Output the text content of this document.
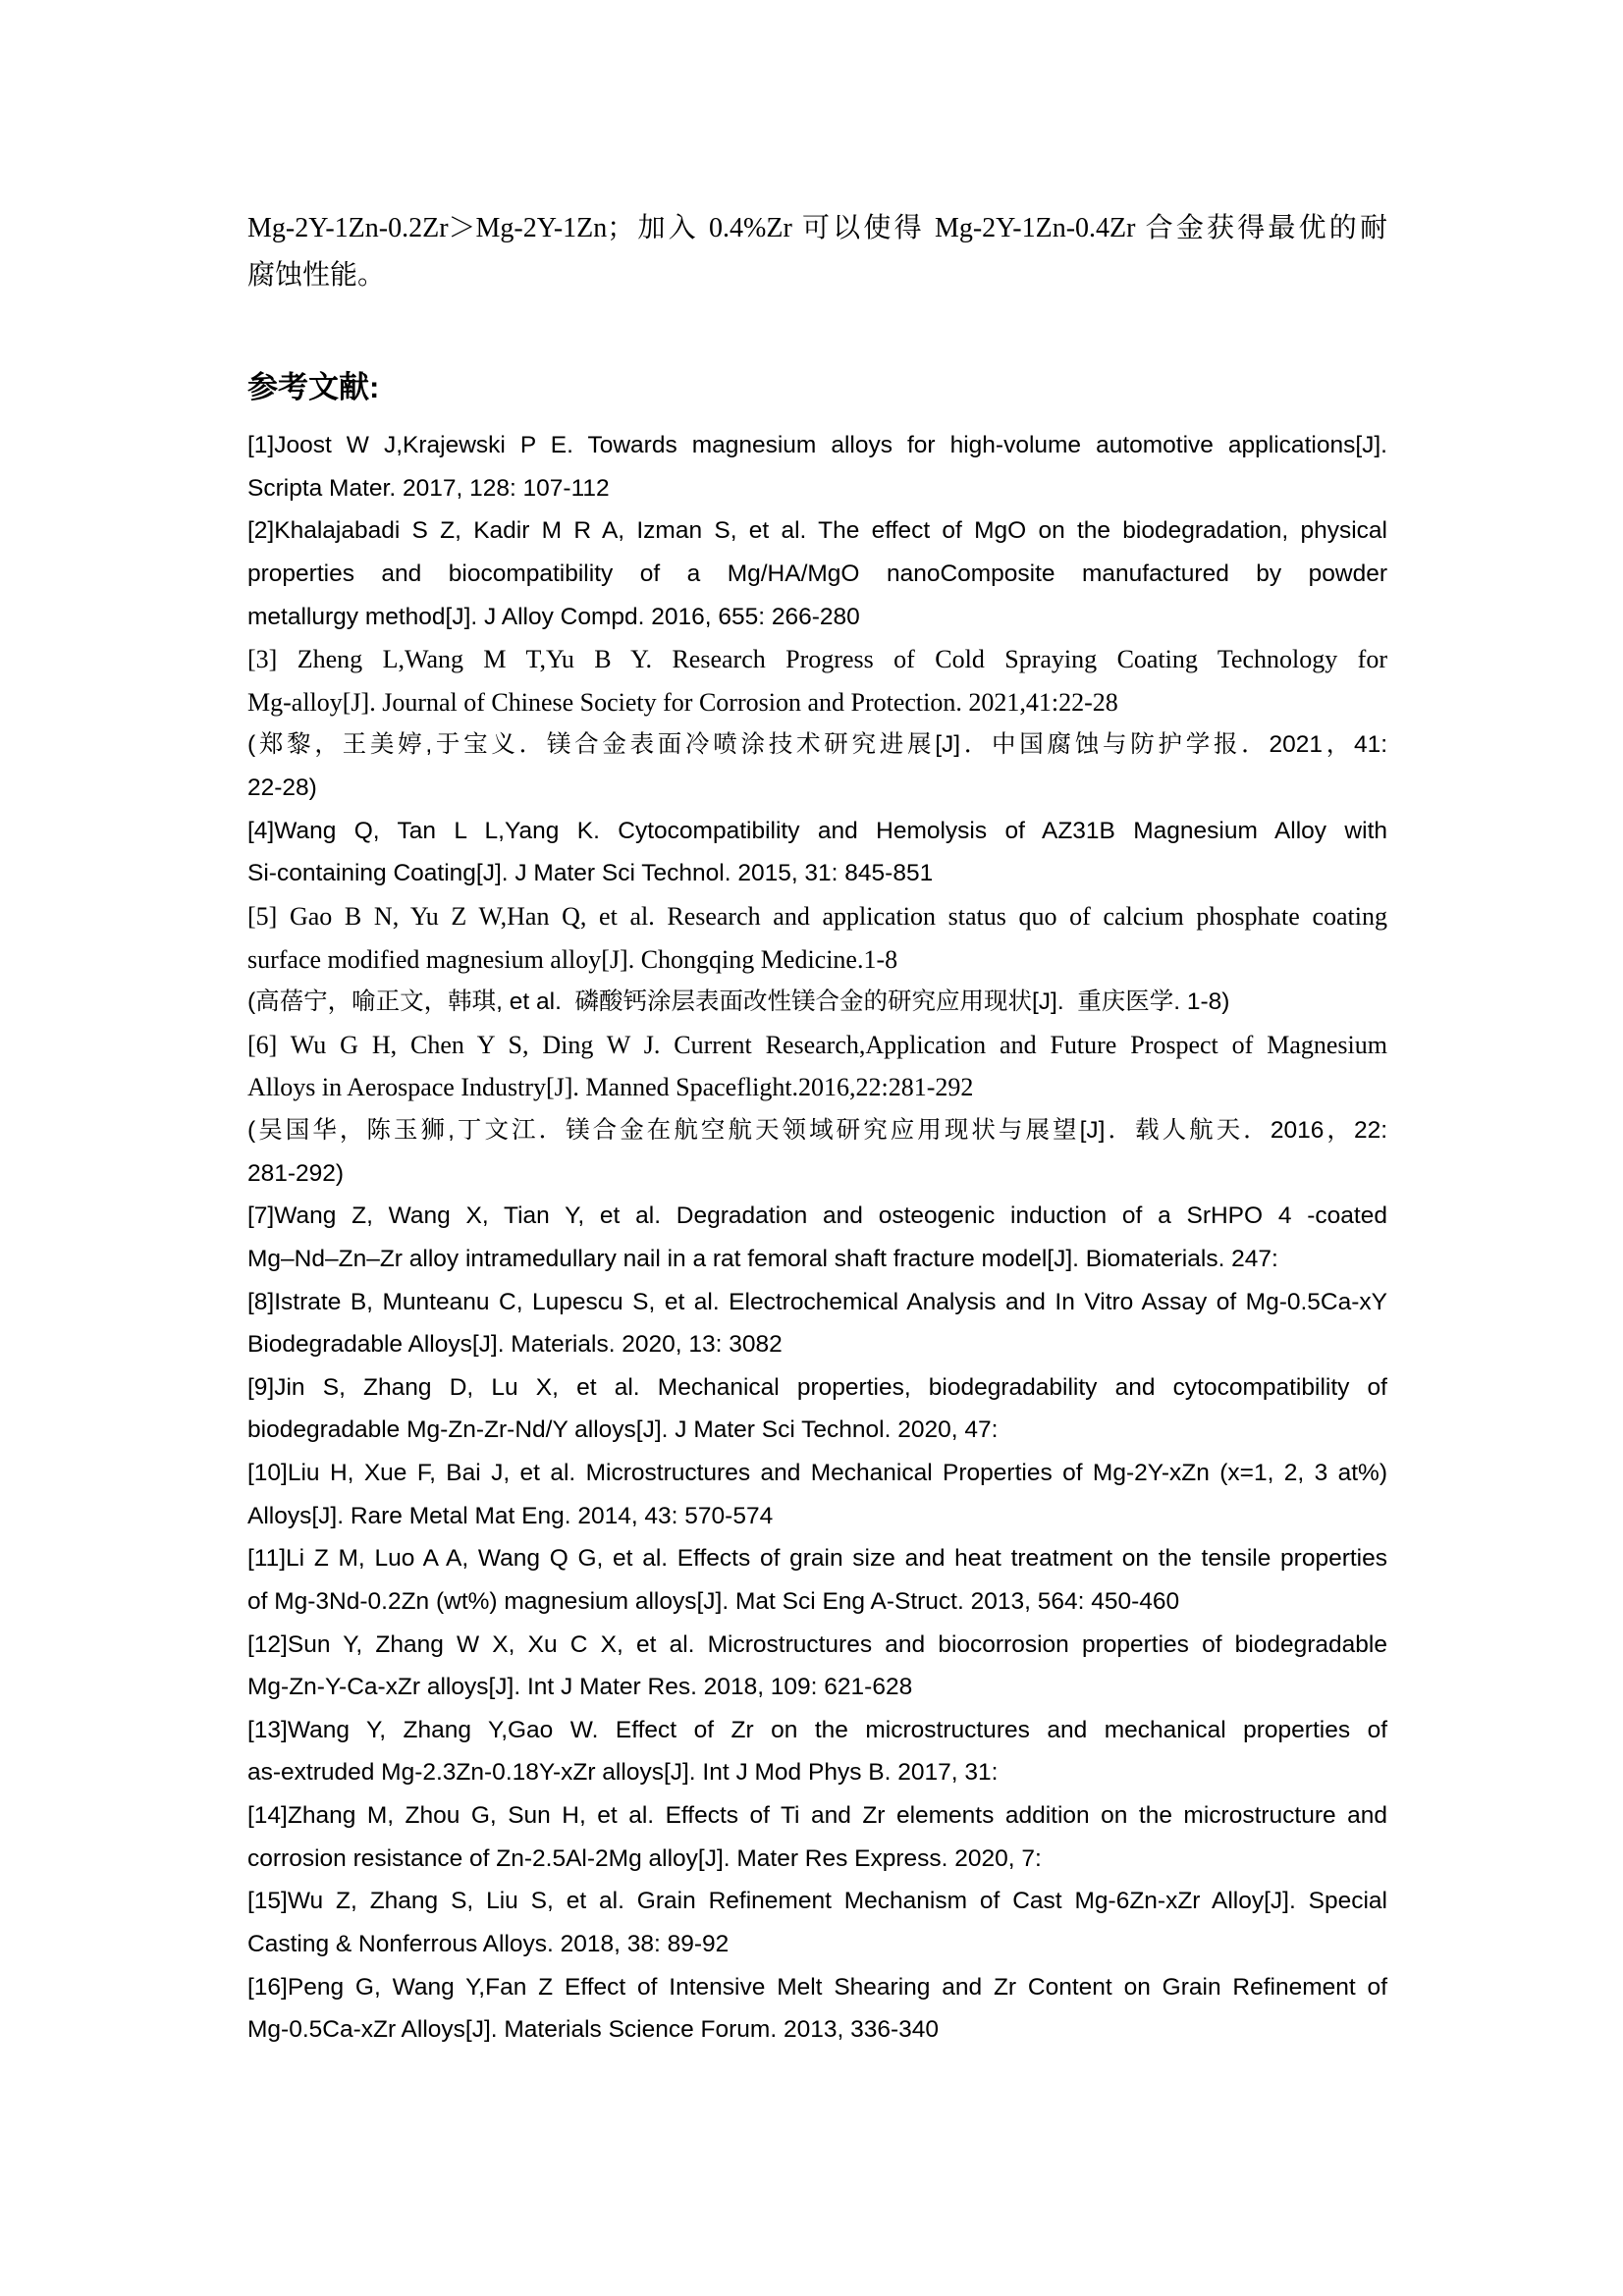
Mg-2Y-1Zn-0.2Zr＞Mg-2Y-1Zn；加入 0.4%Zr 可以使得 Mg-2Y-1Zn-0.4Zr 合金获得最优的耐
腐蚀性能。
参考文献:
[1]Joost W J,Krajewski P E. Towards magnesium alloys for high-volume automotive applications[J].
Scripta Mater. 2017, 128: 107-112
[2]Khalajabadi S Z, Kadir M R A, Izman S, et al. The effect of MgO on the biodegradation, physical
properties and biocompatibility of a Mg/HA/MgO nanoComposite manufactured by powder
metallurgy method[J]. J Alloy Compd. 2016, 655: 266-280
[3] Zheng L,Wang M T,Yu B Y. Research Progress of Cold Spraying Coating Technology for
Mg-alloy[J]. Journal of Chinese Society for Corrosion and Protection. 2021,41:22-28
(郑黎，王美婷,于宝义．镁合金表面冷喷涂技术研究进展[J]．中国腐蚀与防护学报．2021，41:
22-28)
[4]Wang Q, Tan L L,Yang K. Cytocompatibility and Hemolysis of AZ31B Magnesium Alloy with
Si-containing Coating[J]. J Mater Sci Technol. 2015, 31: 845-851
[5] Gao B N, Yu Z W,Han Q, et al. Research and application status quo of calcium phosphate coating
surface modified magnesium alloy[J]. Chongqing Medicine.1-8
(高蓓宁，喻正文，韩琪, et al.  磷酸钙涂层表面改性镁合金的研究应用现状[J].  重庆医学. 1-8)
[6] Wu G H, Chen Y S, Ding W J. Current Research,Application and Future Prospect of Magnesium
Alloys in Aerospace Industry[J]. Manned Spaceflight.2016,22:281-292
(吴国华，陈玉狮,丁文江．镁合金在航空航天领域研究应用现状与展望[J]．载人航天．2016，22:
281-292)
[7]Wang Z, Wang X, Tian Y, et al. Degradation and osteogenic induction of a SrHPO 4 -coated
Mg–Nd–Zn–Zr alloy intramedullary nail in a rat femoral shaft fracture model[J]. Biomaterials. 247:
[8]Istrate B, Munteanu C, Lupescu S, et al. Electrochemical Analysis and In Vitro Assay of Mg-0.5Ca-xY
Biodegradable Alloys[J]. Materials. 2020, 13: 3082
[9]Jin S, Zhang D, Lu X, et al. Mechanical properties, biodegradability and cytocompatibility of
biodegradable Mg-Zn-Zr-Nd/Y alloys[J]. J Mater Sci Technol. 2020, 47:
[10]Liu H, Xue F, Bai J, et al. Microstructures and Mechanical Properties of Mg-2Y-xZn (x=1, 2, 3 at%)
Alloys[J]. Rare Metal Mat Eng. 2014, 43: 570-574
[11]Li Z M, Luo A A, Wang Q G, et al. Effects of grain size and heat treatment on the tensile properties
of Mg-3Nd-0.2Zn (wt%) magnesium alloys[J]. Mat Sci Eng A-Struct. 2013, 564: 450-460
[12]Sun Y, Zhang W X, Xu C X, et al. Microstructures and biocorrosion properties of biodegradable
Mg-Zn-Y-Ca-xZr alloys[J]. Int J Mater Res. 2018, 109: 621-628
[13]Wang Y, Zhang Y,Gao W. Effect of Zr on the microstructures and mechanical properties of
as-extruded Mg-2.3Zn-0.18Y-xZr alloys[J]. Int J Mod Phys B. 2017, 31:
[14]Zhang M, Zhou G, Sun H, et al. Effects of Ti and Zr elements addition on the microstructure and
corrosion resistance of Zn-2.5Al-2Mg alloy[J]. Mater Res Express. 2020, 7:
[15]Wu Z, Zhang S, Liu S, et al. Grain Refinement Mechanism of Cast Mg-6Zn-xZr Alloy[J]. Special
Casting & Nonferrous Alloys. 2018, 38: 89-92
[16]Peng G, Wang Y,Fan Z Effect of Intensive Melt Shearing and Zr Content on Grain Refinement of
Mg-0.5Ca-xZr Alloys[J]. Materials Science Forum. 2013, 336-340
